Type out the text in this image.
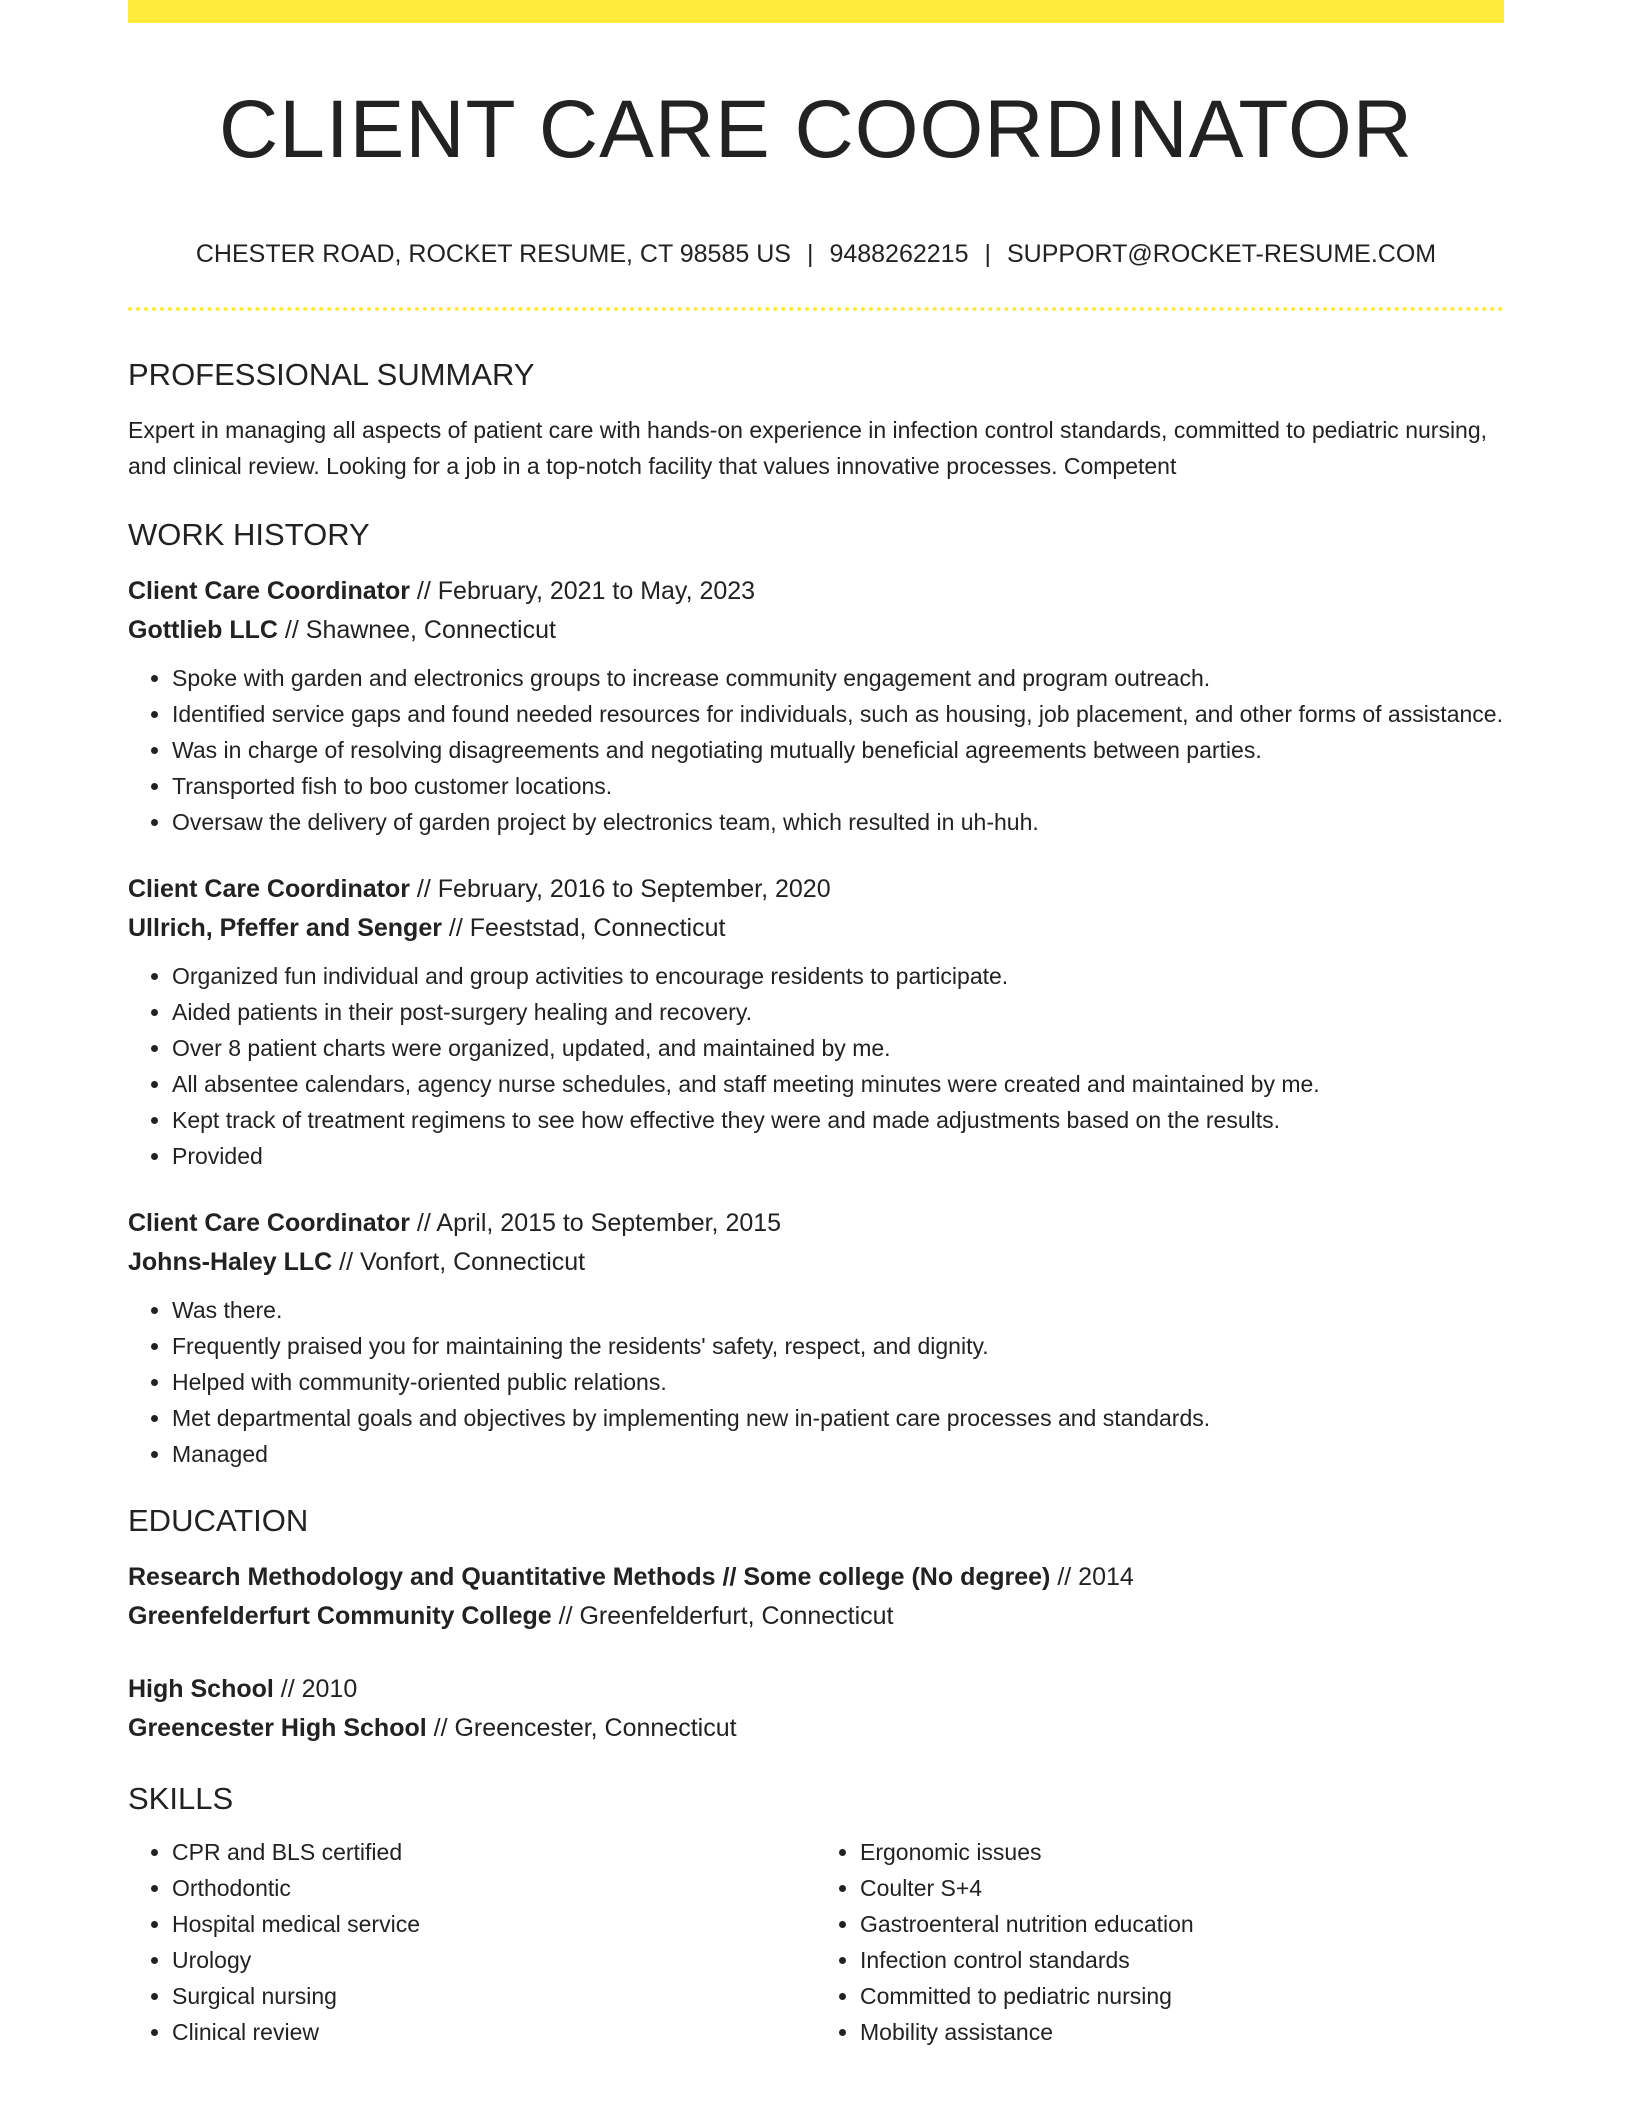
CLIENT CARE COORDINATOR
CHESTER ROAD, ROCKET RESUME, CT 98585 US | 9488262215 | SUPPORT@ROCKET-RESUME.COM
PROFESSIONAL SUMMARY

Expert in managing all aspects of patient care with hands-on experience in infection control standards, committed to pediatric nursing, and clinical review. Looking for a job in a top-notch facility that values innovative processes. Competent

WORK HISTORY
Client Care Coordinator // February, 2021 to May, 2023
Gottlieb LLC // Shawnee, Connecticut
• Spoke with garden and electronics groups to increase community engagement and program outreach.
• Identified service gaps and found needed resources for individuals, such as housing, job placement, and other forms of assistance.
• Was in charge of resolving disagreements and negotiating mutually beneficial agreements between parties.
• Transported fish to boo customer locations.
• Oversaw the delivery of garden project by electronics team, which resulted in uh-huh.
Client Care Coordinator // February, 2016 to September, 2020
Ullrich, Pfeffer and Senger // Feeststad, Connecticut
• Organized fun individual and group activities to encourage residents to participate.
• Aided patients in their post-surgery healing and recovery.
• Over 8 patient charts were organized, updated, and maintained by me.
• All absentee calendars, agency nurse schedules, and staff meeting minutes were created and maintained by me.
• Kept track of treatment regimens to see how effective they were and made adjustments based on the results.
• Provided
Client Care Coordinator // April, 2015 to September, 2015
Johns-Haley LLC // Vonfort, Connecticut
• Was there.
• Frequently praised you for maintaining the residents' safety, respect, and dignity.
• Helped with community-oriented public relations.
• Met departmental goals and objectives by implementing new in-patient care processes and standards.
• Managed
EDUCATION
Research Methodology and Quantitative Methods // Some college (No degree) // 2014
Greenfelderfurt Community College // Greenfelderfurt, Connecticut
High School // 2010
Greencester High School // Greencester, Connecticut
SKILLS
• CPR and BLS certified
• Orthodontic
• Hospital medical service
• Urology
• Surgical nursing
• Clinical review
• Ergonomic issues
• Coulter S+4
• Gastroenteral nutrition education
• Infection control standards
• Committed to pediatric nursing
• Mobility assistance
